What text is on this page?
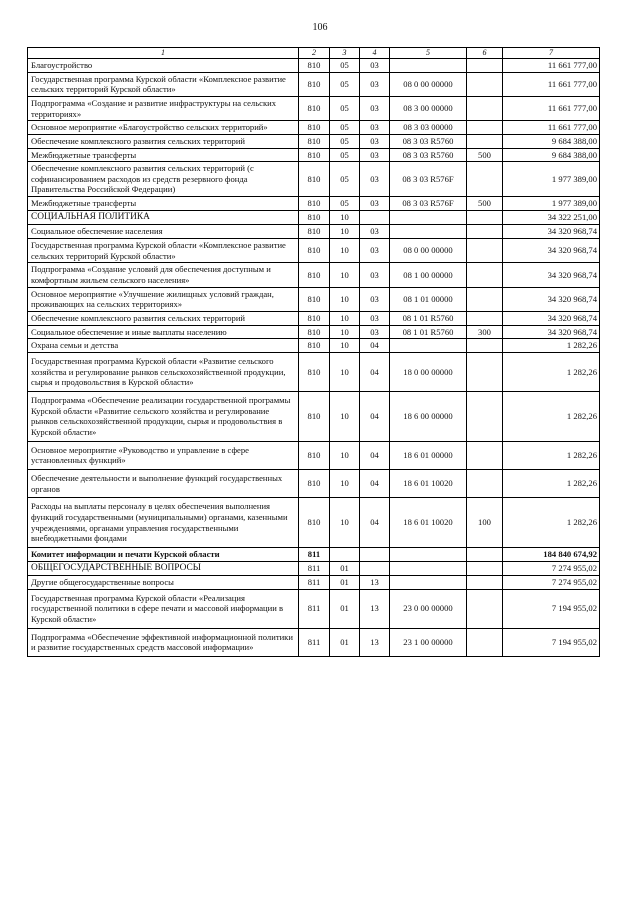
106
1	2	3	4	5	6	7
Благоустройство	810	05	03			11 661 777,00
Государственная программа Курской области «Комплексное развитие сельских территорий Курской области»	810	05	03	08 0 00 00000		11 661 777,00
Подпрограмма «Создание и развитие инфраструктуры на сельских территориях»	810	05	03	08 3 00 00000		11 661 777,00
Основное мероприятие «Благоустройство сельских территорий»	810	05	03	08 3 03 00000		11 661 777,00
Обеспечение комплексного развития сельских территорий	810	05	03	08 3 03 R5760		9 684 388,00
Межбюджетные трансферты	810	05	03	08 3 03 R5760	500	9 684 388,00
Обеспечение комплексного развития сельских территорий (с софинансированием расходов из средств резервного фонда Правительства Российской Федерации)	810	05	03	08 3 03 R576F		1 977 389,00
Межбюджетные трансферты	810	05	03	08 3 03 R576F	500	1 977 389,00
СОЦИАЛЬНАЯ ПОЛИТИКА	810	10				34 322 251,00
Социальное обеспечение населения	810	10	03			34 320 968,74
Государственная программа Курской области «Комплексное развитие сельских территорий Курской области»	810	10	03	08 0 00 00000		34 320 968,74
Подпрограмма «Создание условий для обеспечения доступным и комфортным жильем сельского населения»	810	10	03	08 1 00 00000		34 320 968,74
Основное мероприятие «Улучшение жилищных условий граждан, проживающих на сельских территориях»	810	10	03	08 1 01 00000		34 320 968,74
Обеспечение комплексного развития сельских территорий	810	10	03	08 1 01 R5760		34 320 968,74
Социальное обеспечение и иные выплаты населению	810	10	03	08 1 01 R5760	300	34 320 968,74
Охрана семьи и детства	810	10	04			1 282,26
Государственная программа Курской области «Развитие сельского хозяйства и регулирование рынков сельскохозяйственной продукции, сырья и продовольствия в Курской области»	810	10	04	18 0 00 00000		1 282,26
Подпрограмма «Обеспечение реализации государственной программы Курской области «Развитие сельского хозяйства и регулирование рынков сельскохозяйственной продукции, сырья и продовольствия в Курской области»	810	10	04	18 6 00 00000		1 282,26
Основное мероприятие «Руководство и управление в сфере установленных функций»	810	10	04	18 6 01 00000		1 282,26
Обеспечение деятельности и выполнение функций государственных органов	810	10	04	18 6 01 10020		1 282,26
Расходы на выплаты персоналу в целях обеспечения выполнения функций государственными (муниципальными) органами, казенными учреждениями, органами управления государственными внебюджетными фондами	810	10	04	18 6 01 10020	100	1 282,26
Комитет информации и печати Курской области	811					184 840 674,92
ОБЩЕГОСУДАРСТВЕННЫЕ ВОПРОСЫ	811	01				7 274 955,02
Другие общегосударственные вопросы	811	01	13			7 274 955,02
Государственная программа Курской области «Реализация государственной политики в сфере печати и массовой информации в Курской области»	811	01	13	23 0 00 00000		7 194 955,02
Подпрограмма «Обеспечение эффективной информационной политики и развитие государственных средств массовой информации»	811	01	13	23 1 00 00000		7 194 955,02
